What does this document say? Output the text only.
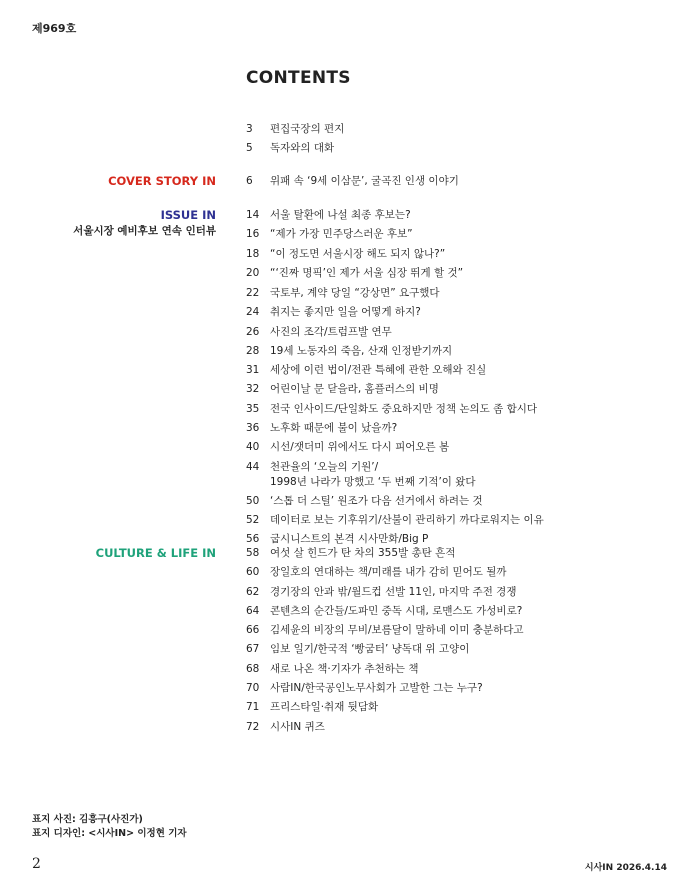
제969호
CONTENTS
3	편집국장의 편지
5	독자와의 대화
COVER STORY IN	6	위패 속 ‘9세 이삼문’, 굴곡진 인생 이야기
ISSUE IN
서울시장 예비후보 연속 인터뷰
14	서울 탈환에 나설 최종 후보는?
16	“제가 가장 민주당스러운 후보”
18	“이 정도면 서울시장 해도 되지 않나?”
20	“‘진짜 명픽’인 제가 서울 심장 뛰게 할 것”
22	국토부, 계약 당일 “강상면” 요구했다
24	취지는 좋지만 일을 어떻게 하지?
26	사진의 조각/트럼프발 연무
28	19세 노동자의 죽음, 산재 인정받기까지
31	세상에 이런 법이/전관 특혜에 관한 오해와 진실
32	어린이날 문 닫을라, 홈플러스의 비명
35	전국 인사이드/단일화도 중요하지만 정책 논의도 좀 합시다
36	노후화 때문에 불이 났을까?
40	시선/잿더미 위에서도 다시 피어오른 봄
44	천관율의 ‘오늘의 기원’/
1998년 나라가 망했고 ‘두 번째 기적’이 왔다
50	‘스톱 더 스틸’ 원조가 다음 선거에서 하려는 것
52	데이터로 보는 기후위기/산불이 관리하기 까다로워지는 이유
56	굽시니스트의 본격 시사만화/Big P
CULTURE & LIFE IN	58	여섯 살 힌드가 탄 차의 355발 총탄 흔적
60	장일호의 연대하는 책/미래를 내가 감히 믿어도 될까
62	경기장의 안과 밖/월드컵 선발 11인, 마지막 주전 경쟁
64	콘텐츠의 순간들/도파민 중독 시대, 로맨스도 가성비로?
66	김세윤의 비장의 무비/보름달이 말하네 이미 충분하다고
67	임보 일기/한국적 ‘빵굼터’ 냥독대 위 고양이
68	새로 나온 책·기자가 추천하는 책
70	사람IN/한국공인노무사회가 고발한 그는 누구?
71	프리스타일·취재 뒷담화
72	시사IN 퀴즈
표지 사진: 김흥구(사진가)
표지 디자인: <시사IN> 이정현 기자
2	시사IN 2026.4.14
